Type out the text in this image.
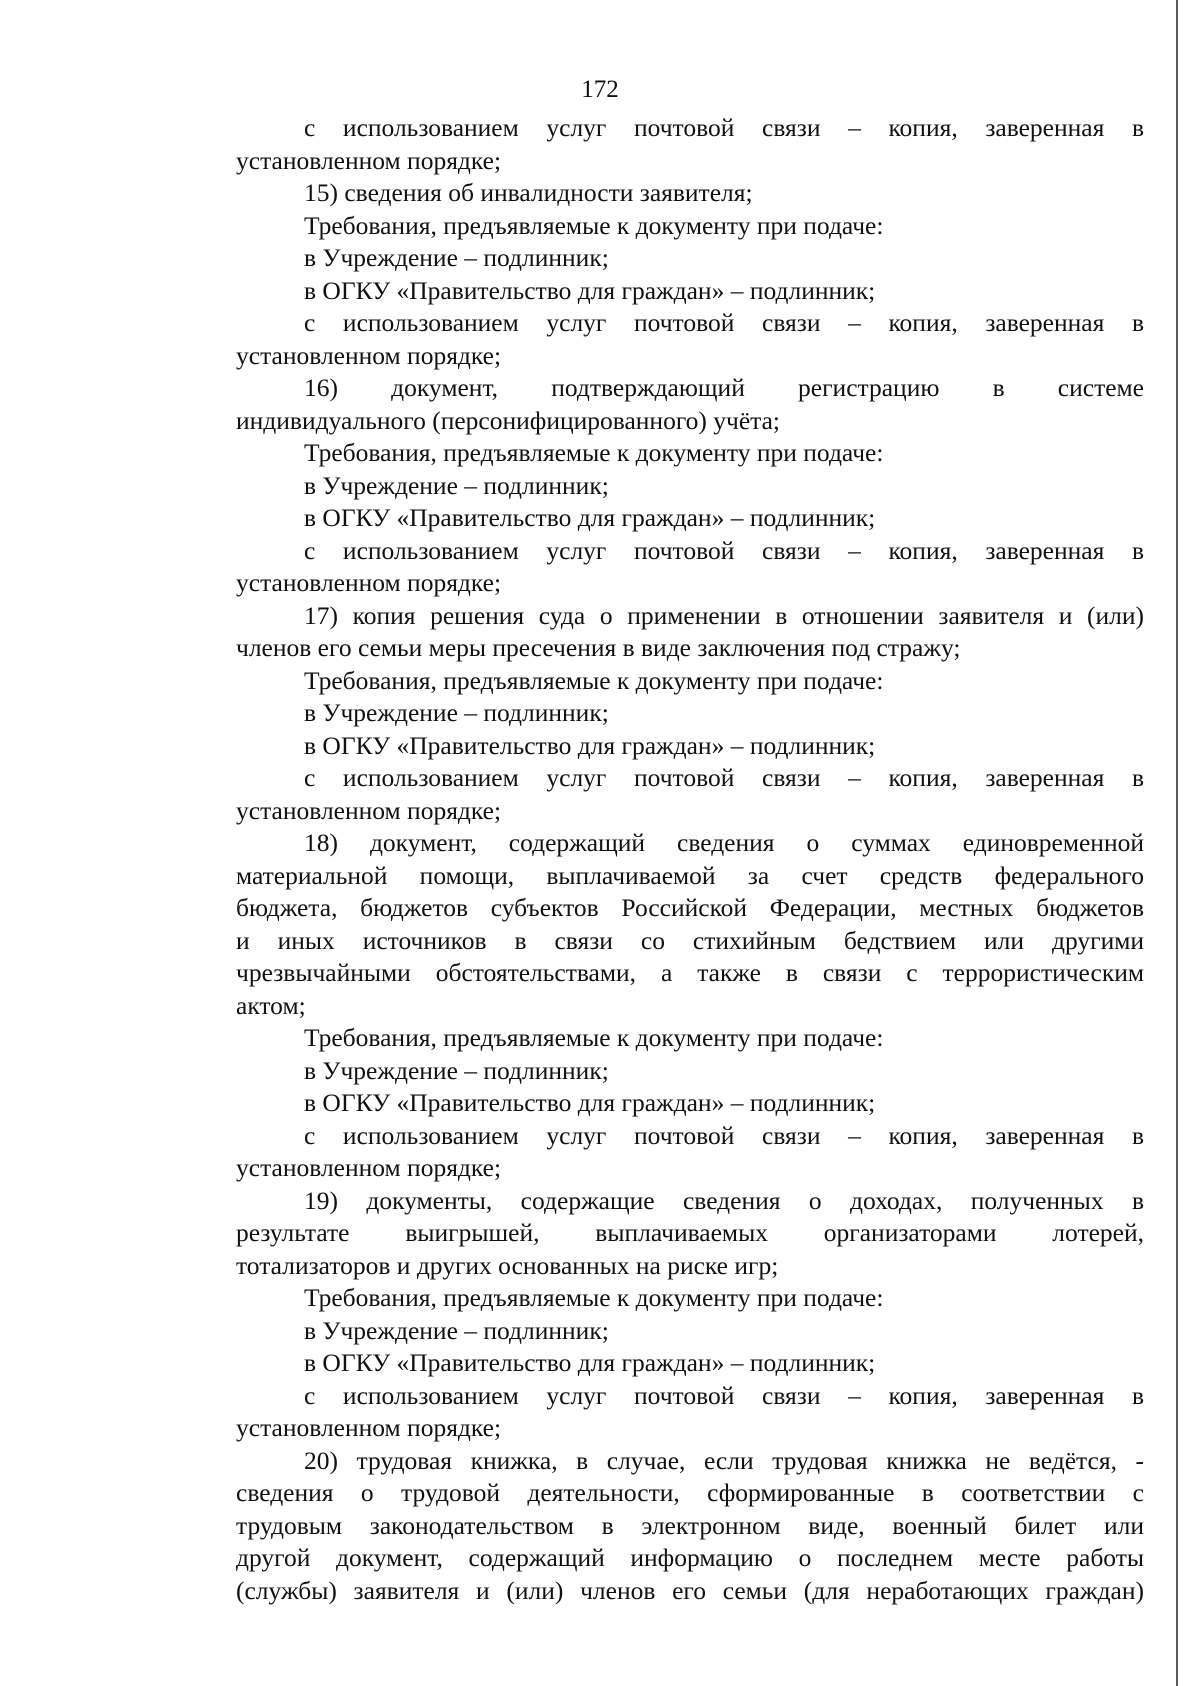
172
с использованием услуг почтовой связи – копия, заверенная в
установленном порядке;
15) сведения об инвалидности заявителя;
Требования, предъявляемые к документу при подаче:
в Учреждение – подлинник;
в ОГКУ «Правительство для граждан» – подлинник;
с использованием услуг почтовой связи – копия, заверенная в
установленном порядке;
16) документ, подтверждающий регистрацию в системе
индивидуального (персонифицированного) учёта;
Требования, предъявляемые к документу при подаче:
в Учреждение – подлинник;
в ОГКУ «Правительство для граждан» – подлинник;
с использованием услуг почтовой связи – копия, заверенная в
установленном порядке;
17) копия решения суда о применении в отношении заявителя и (или)
членов его семьи меры пресечения в виде заключения под стражу;
Требования, предъявляемые к документу при подаче:
в Учреждение – подлинник;
в ОГКУ «Правительство для граждан» – подлинник;
с использованием услуг почтовой связи – копия, заверенная в
установленном порядке;
18) документ, содержащий сведения о суммах единовременной
материальной помощи, выплачиваемой за счет средств федерального
бюджета, бюджетов субъектов Российской Федерации, местных бюджетов
и иных источников в связи со стихийным бедствием или другими
чрезвычайными обстоятельствами, а также в связи с террористическим
актом;
Требования, предъявляемые к документу при подаче:
в Учреждение – подлинник;
в ОГКУ «Правительство для граждан» – подлинник;
с использованием услуг почтовой связи – копия, заверенная в
установленном порядке;
19) документы, содержащие сведения о доходах, полученных в
результате выигрышей, выплачиваемых организаторами лотерей,
тотализаторов и других основанных на риске игр;
Требования, предъявляемые к документу при подаче:
в Учреждение – подлинник;
в ОГКУ «Правительство для граждан» – подлинник;
с использованием услуг почтовой связи – копия, заверенная в
установленном порядке;
20) трудовая книжка, в случае, если трудовая книжка не ведётся, -
сведения о трудовой деятельности, сформированные в соответствии с
трудовым законодательством в электронном виде, военный билет или
другой документ, содержащий информацию о последнем месте работы
(службы) заявителя и (или) членов его семьи (для неработающих граждан)
